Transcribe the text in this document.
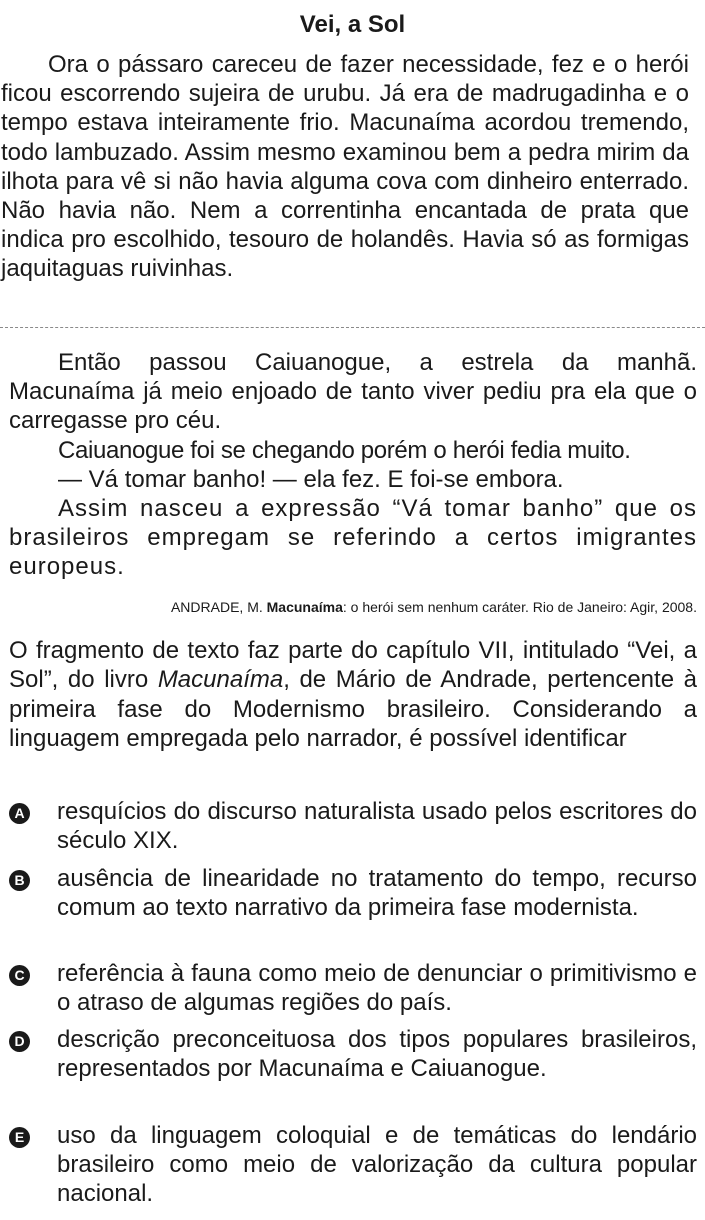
Vei, a Sol
Ora o pássaro careceu de fazer necessidade, fez e o herói ficou escorrendo sujeira de urubu. Já era de madrugadinha e o tempo estava inteiramente frio. Macunaíma acordou tremendo, todo lambuzado. Assim mesmo examinou bem a pedra mirim da ilhota para vê si não havia alguma cova com dinheiro enterrado. Não havia não. Nem a correntinha encantada de prata que indica pro escolhido, tesouro de holandês. Havia só as formigas jaquitaguas ruivinhas.

Então passou Caiuanogue, a estrela da manhã. Macunaíma já meio enjoado de tanto viver pediu pra ela que o carregasse pro céu.

Caiuanogue foi se chegando porém o herói fedia muito.

— Vá tomar banho! — ela fez. E foi-se embora.

Assim nasceu a expressão “Vá tomar banho” que os brasileiros empregam se referindo a certos imigrantes europeus.

ANDRADE, M. Macunaíma: o herói sem nenhum caráter. Rio de Janeiro: Agir, 2008.
O fragmento de texto faz parte do capítulo VII, intitulado “Vei, a Sol”, do livro Macunaíma, de Mário de Andrade, pertencente à primeira fase do Modernismo brasileiro. Considerando a linguagem empregada pelo narrador, é possível identificar
A resquícios do discurso naturalista usado pelos escritores do século XIX.
B ausência de linearidade no tratamento do tempo, recurso comum ao texto narrativo da primeira fase modernista.
C referência à fauna como meio de denunciar o primitivismo e o atraso de algumas regiões do país.
D descrição preconceituosa dos tipos populares brasileiros, representados por Macunaíma e Caiuanogue.
E uso da linguagem coloquial e de temáticas do lendário brasileiro como meio de valorização da cultura popular nacional.
